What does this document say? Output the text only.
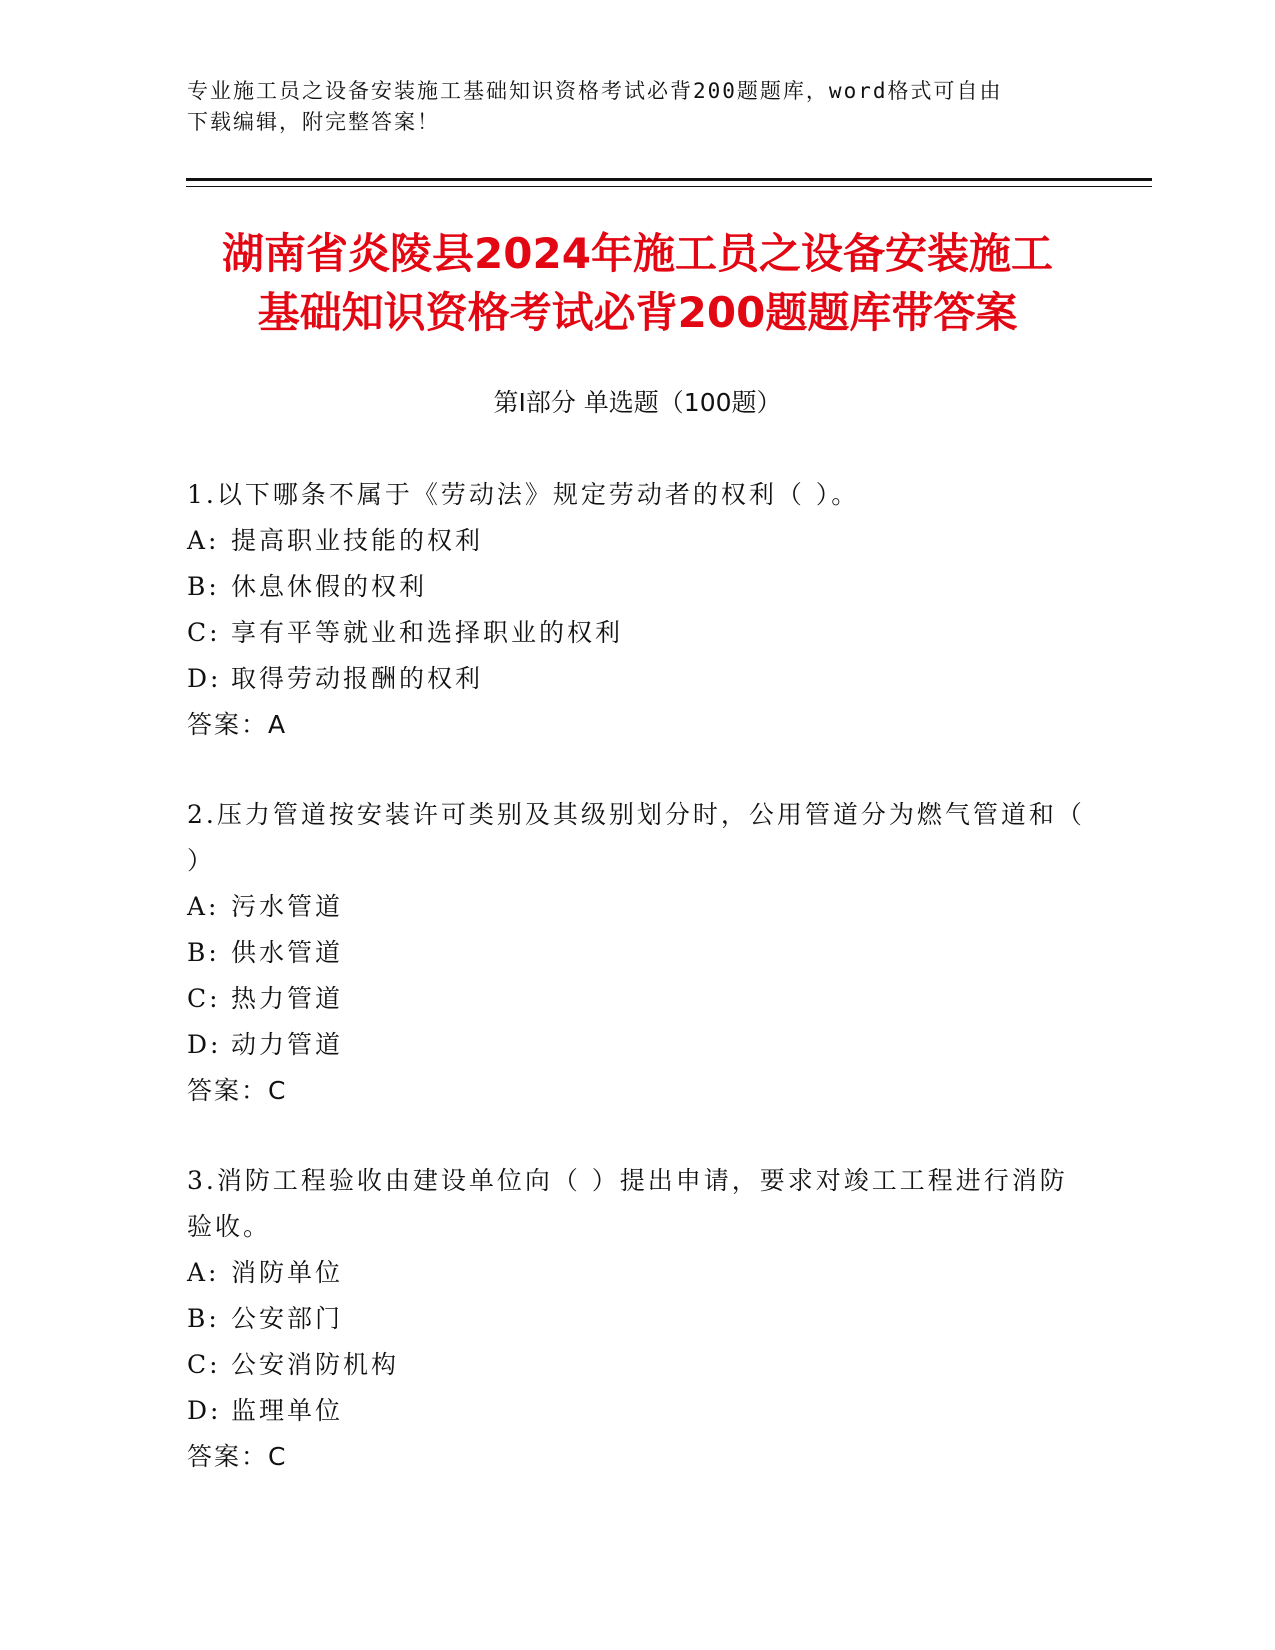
专业施工员之设备安装施工基础知识资格考试必背200题题库，word格式可自由
下载编辑，附完整答案！
湖南省炎陵县2024年施工员之设备安装施工
基础知识资格考试必背200题题库带答案
第Ⅰ部分 单选题（100题）
1.以下哪条不属于《劳动法》规定劳动者的权利（ ）。
A: 提高职业技能的权利
B: 休息休假的权利
C: 享有平等就业和选择职业的权利
D: 取得劳动报酬的权利
答案：A
2.压力管道按安装许可类别及其级别划分时，公用管道分为燃气管道和（ ）
A: 污水管道
B: 供水管道
C: 热力管道
D: 动力管道
答案：C
3.消防工程验收由建设单位向（ ）提出申请，要求对竣工工程进行消防验收。
A: 消防单位
B: 公安部门
C: 公安消防机构
D: 监理单位
答案：C
